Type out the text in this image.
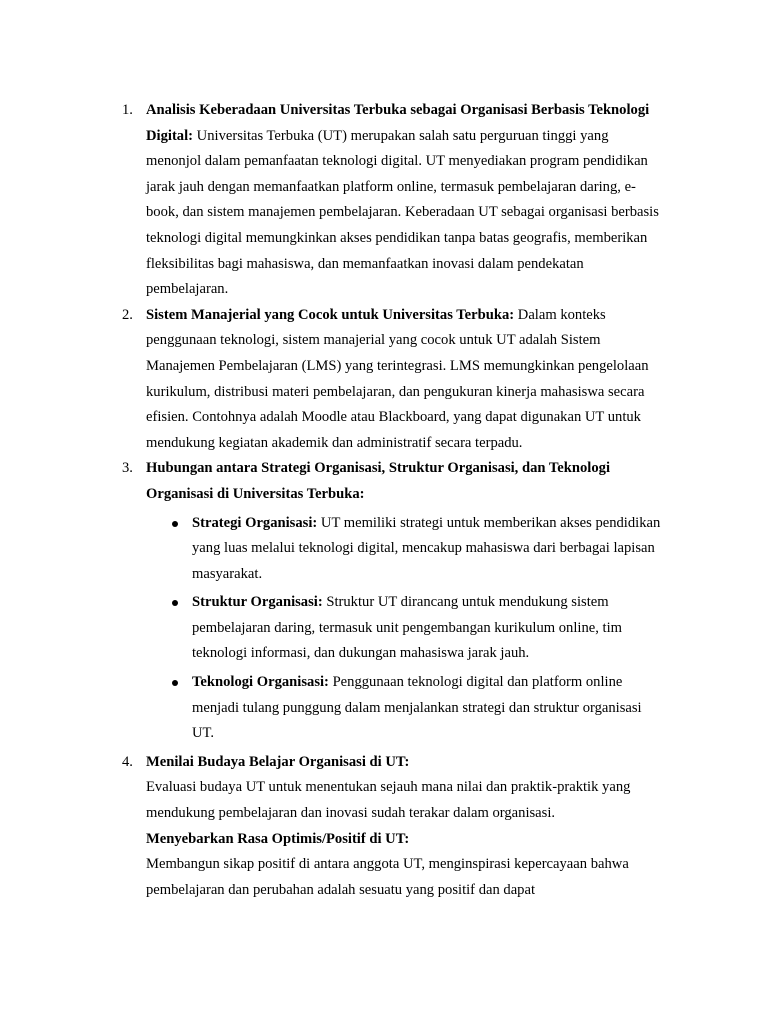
1. Analisis Keberadaan Universitas Terbuka sebagai Organisasi Berbasis Teknologi Digital: Universitas Terbuka (UT) merupakan salah satu perguruan tinggi yang menonjol dalam pemanfaatan teknologi digital. UT menyediakan program pendidikan jarak jauh dengan memanfaatkan platform online, termasuk pembelajaran daring, e-book, dan sistem manajemen pembelajaran. Keberadaan UT sebagai organisasi berbasis teknologi digital memungkinkan akses pendidikan tanpa batas geografis, memberikan fleksibilitas bagi mahasiswa, dan memanfaatkan inovasi dalam pendekatan pembelajaran.
2. Sistem Manajerial yang Cocok untuk Universitas Terbuka: Dalam konteks penggunaan teknologi, sistem manajerial yang cocok untuk UT adalah Sistem Manajemen Pembelajaran (LMS) yang terintegrasi. LMS memungkinkan pengelolaan kurikulum, distribusi materi pembelajaran, dan pengukuran kinerja mahasiswa secara efisien. Contohnya adalah Moodle atau Blackboard, yang dapat digunakan UT untuk mendukung kegiatan akademik dan administratif secara terpadu.
3. Hubungan antara Strategi Organisasi, Struktur Organisasi, dan Teknologi Organisasi di Universitas Terbuka:
Strategi Organisasi: UT memiliki strategi untuk memberikan akses pendidikan yang luas melalui teknologi digital, mencakup mahasiswa dari berbagai lapisan masyarakat.
Struktur Organisasi: Struktur UT dirancang untuk mendukung sistem pembelajaran daring, termasuk unit pengembangan kurikulum online, tim teknologi informasi, dan dukungan mahasiswa jarak jauh.
Teknologi Organisasi: Penggunaan teknologi digital dan platform online menjadi tulang punggung dalam menjalankan strategi dan struktur organisasi UT.
4. Menilai Budaya Belajar Organisasi di UT:
Evaluasi budaya UT untuk menentukan sejauh mana nilai dan praktik-praktik yang mendukung pembelajaran dan inovasi sudah terakar dalam organisasi.
Menyebarkan Rasa Optimis/Positif di UT:
Membangun sikap positif di antara anggota UT, menginspirasi kepercayaan bahwa pembelajaran dan perubahan adalah sesuatu yang positif dan dapat
